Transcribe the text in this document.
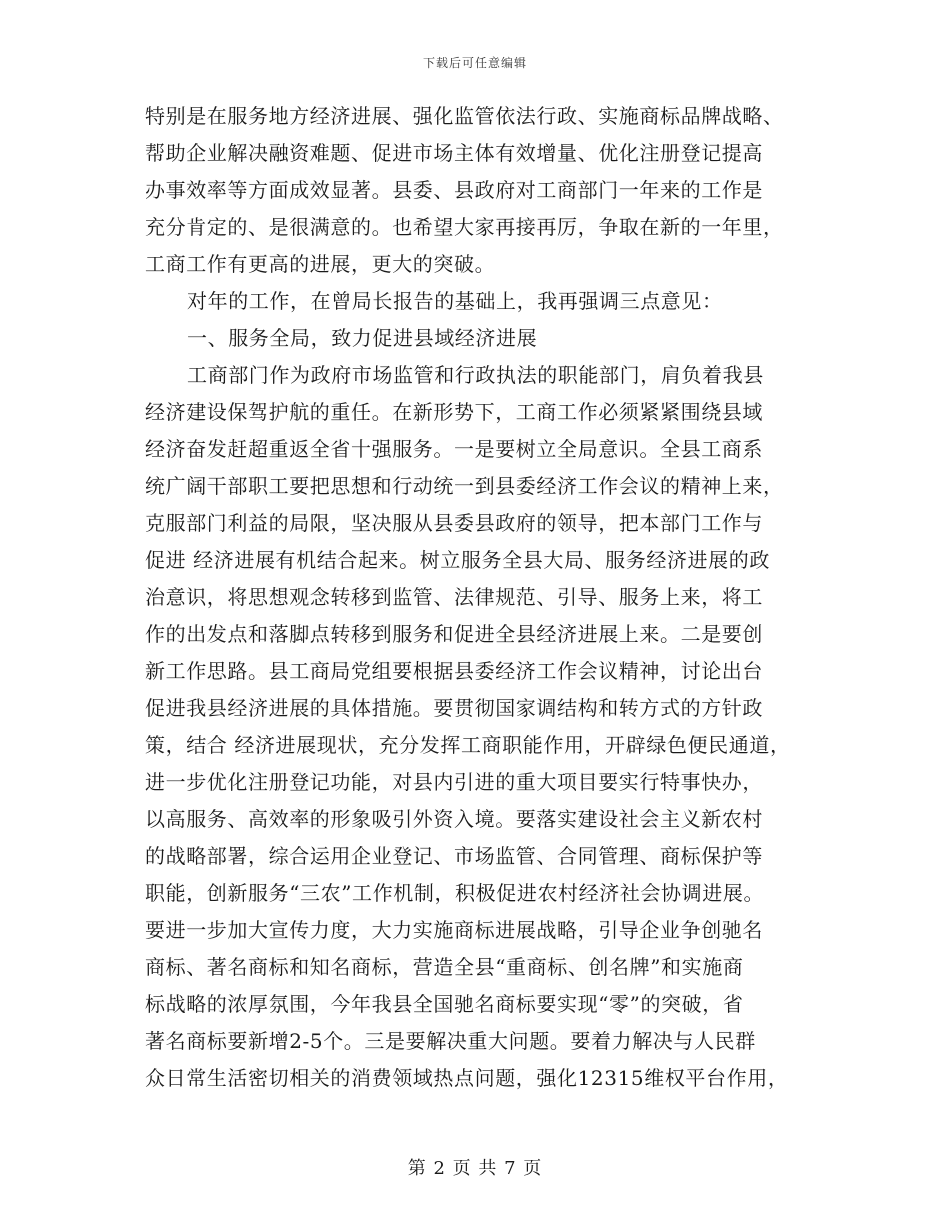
下载后可任意编辑
特别是在服务地方经济进展、强化监管依法行政、实施商标品牌战略、
帮助企业解决融资难题、促进市场主体有效增量、优化注册登记提高
办事效率等方面成效显著。县委、县政府对工商部门一年来的工作是
充分肯定的、是很满意的。也希望大家再接再厉，争取在新的一年里，
工商工作有更高的进展，更大的突破。
对年的工作，在曾局长报告的基础上，我再强调三点意见：
一、服务全局，致力促进县域经济进展
工商部门作为政府市场监管和行政执法的职能部门，肩负着我县
经济建设保驾护航的重任。在新形势下，工商工作必须紧紧围绕县域
经济奋发赶超重返全省十强服务。一是要树立全局意识。全县工商系
统广阔干部职工要把思想和行动统一到县委经济工作会议的精神上来，
克服部门利益的局限，坚决服从县委县政府的领导，把本部门工作与
促进 经济进展有机结合起来。树立服务全县大局、服务经济进展的政
治意识，将思想观念转移到监管、法律规范、引导、服务上来，将工
作的出发点和落脚点转移到服务和促进全县经济进展上来。二是要创
新工作思路。县工商局党组要根据县委经济工作会议精神，讨论出台
促进我县经济进展的具体措施。要贯彻国家调结构和转方式的方针政
策，结合 经济进展现状，充分发挥工商职能作用，开辟绿色便民通道，
进一步优化注册登记功能，对县内引进的重大项目要实行特事快办，
以高服务、高效率的形象吸引外资入境。要落实建设社会主义新农村
的战略部署，综合运用企业登记、市场监管、合同管理、商标保护等
职能，创新服务“三农”工作机制，积极促进农村经济社会协调进展。
要进一步加大宣传力度，大力实施商标进展战略，引导企业争创驰名
商标、著名商标和知名商标，营造全县“重商标、创名牌”和实施商
标战略的浓厚氛围，今年我县全国驰名商标要实现“零”的突破，省
著名商标要新增2-5个。三是要解决重大问题。要着力解决与人民群
众日常生活密切相关的消费领域热点问题，强化12315维权平台作用，
第 2 页 共 7 页
